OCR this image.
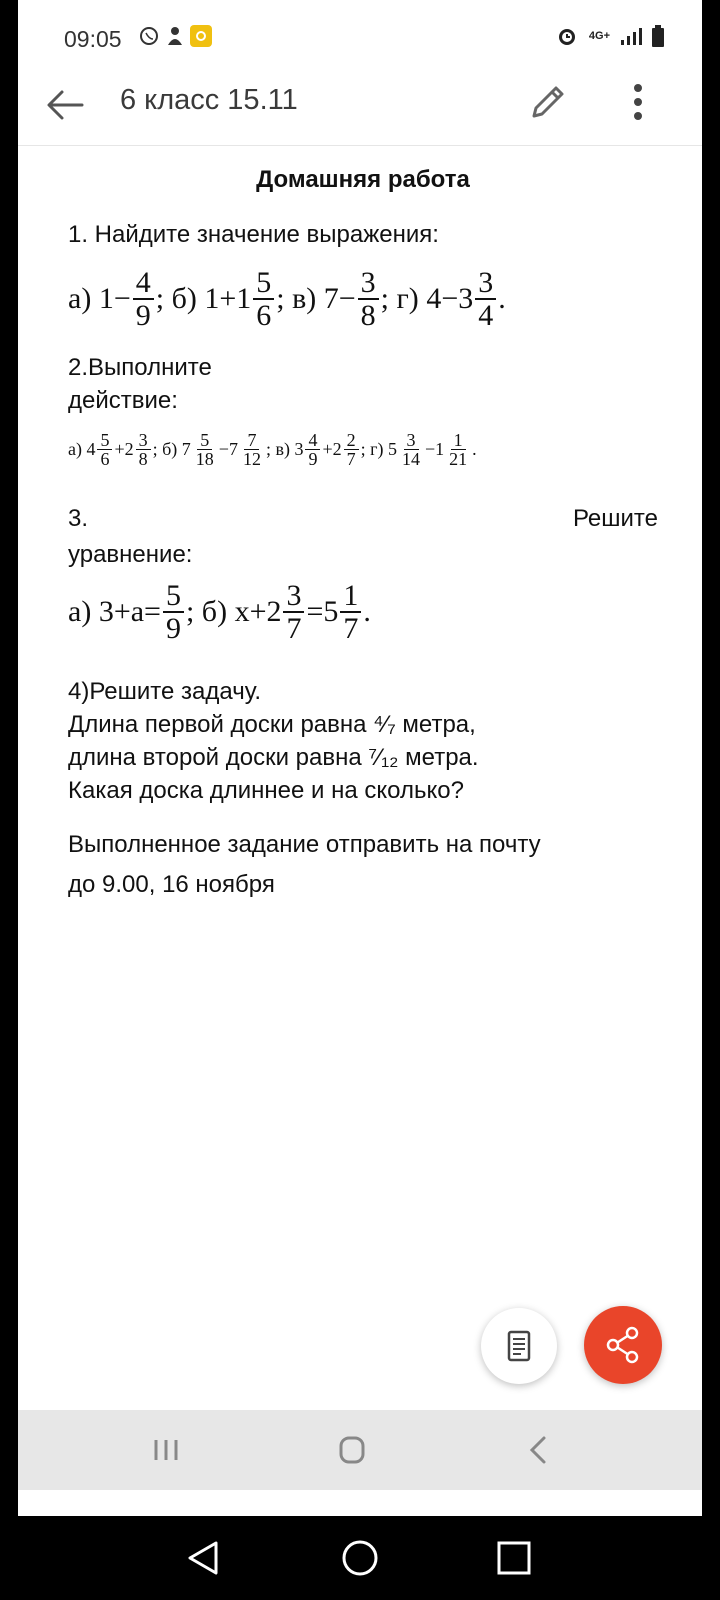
09:05	4G+
6 класс 15.11
Домашняя работа

1. Найдите значение выражения:

а) $1- \frac{4}{9}$ ; б) $1+1 \frac{5}{6}$ ; в) $7- \frac{3}{8}$ ; г) $4-3 \frac{3}{4}$ .

2.Выполните

действие:

а) $4 \frac{5}{6} +2 \frac{3}{8}$ ; б) $7 \frac{5}{18} -7 \frac{7}{12}$ ; в) $3 \frac{4}{9} +2 \frac{2}{7}$ ; г) $5 \frac{3}{14} -1 \frac{1}{21}$ .
3.	Решите

уравнение:

а) $3+a= \frac{5}{9}$ ; б) $x+2 \frac{3}{7} =5 \frac{1}{7}$ .

4)Решите задачу.

Длина первой доски равна ⁴⁄₇ метра,

длина второй доски равна ⁷⁄₁₂ метра.

Какая доска длиннее и на сколько?

Выполненное задание отправить на почту

до 9.00, 16 ноября
